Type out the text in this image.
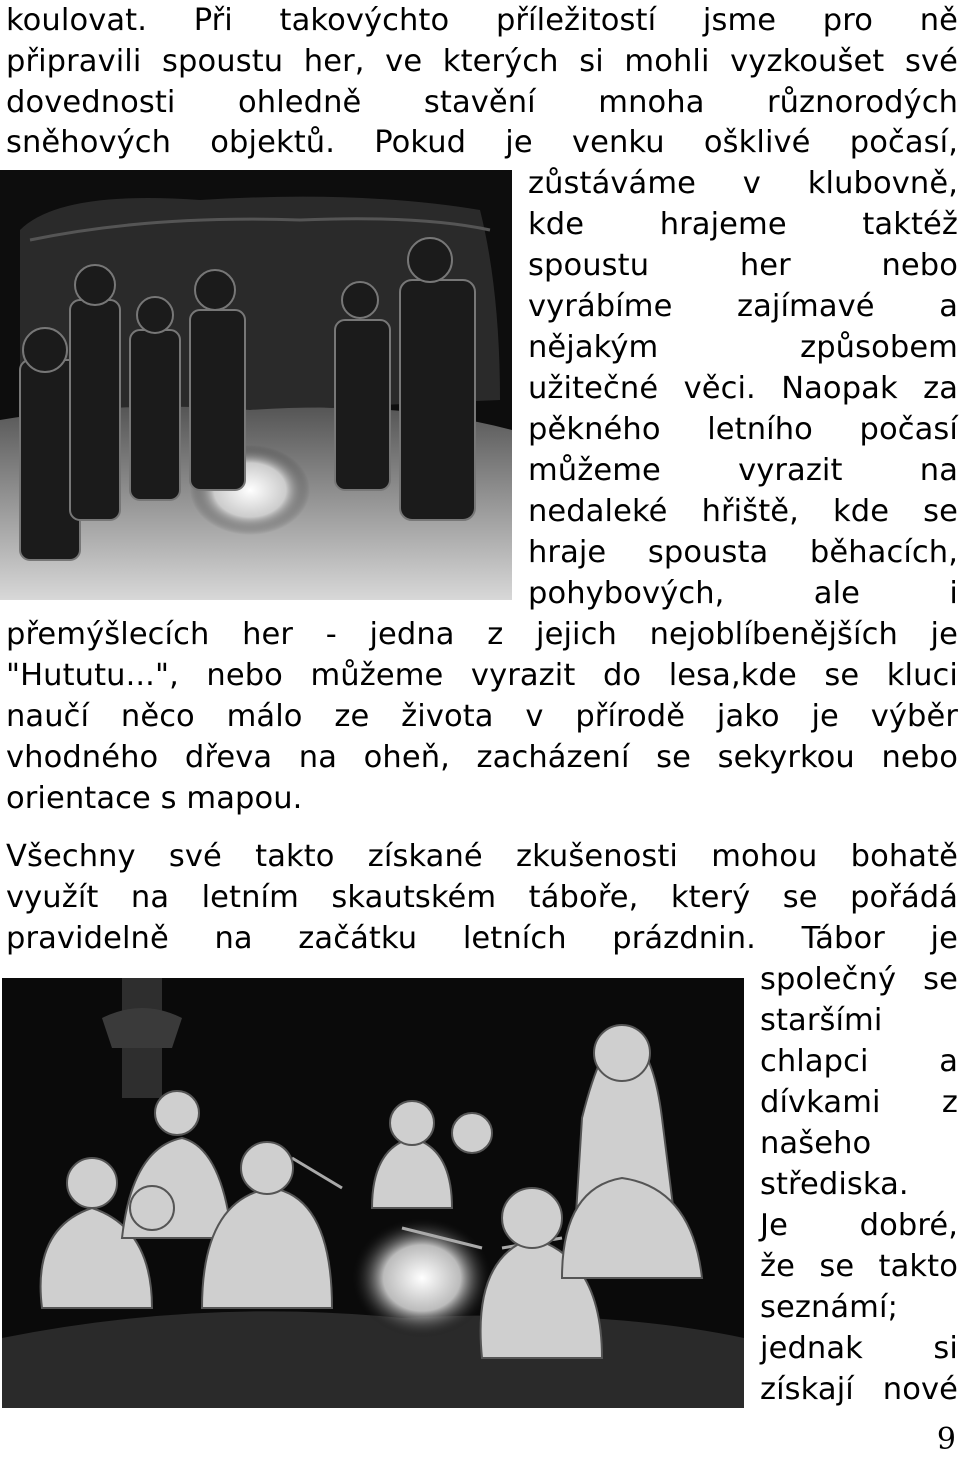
koulovat. Při takovýchto příležitostí jsme pro ně
připravili spoustu her, ve kterých si mohli vyzkoušet své
dovednosti ohledně stavění mnoha různorodých
sněhových objektů. Pokud je venku ošklivé počasí,
zůstáváme v klubovně,
kde hrajeme taktéž
spoustu her nebo
vyrábíme zajímavé a
nějakým způsobem
užitečné věci. Naopak za
pěkného letního počasí
můžeme vyrazit na
nedaleké hřiště, kde se
hraje spousta běhacích,
pohybových, ale i
přemýšlecích her - jedna z jejich nejoblíbenějších je
"Hututu...", nebo můžeme vyrazit do lesa,kde se kluci
naučí něco málo ze života v přírodě jako je výběr
vhodného dřeva na oheň, zacházení se sekyrkou nebo
orientace s mapou.
Všechny své takto získané zkušenosti mohou bohatě
využít na letním skautském táboře, který se pořádá
pravidelně na začátku letních prázdnin. Tábor je
společný se
staršími
chlapci a
dívkami z
našeho
střediska.
Je dobré,
že se takto
seznámí;
jednak si
získají nové
9
